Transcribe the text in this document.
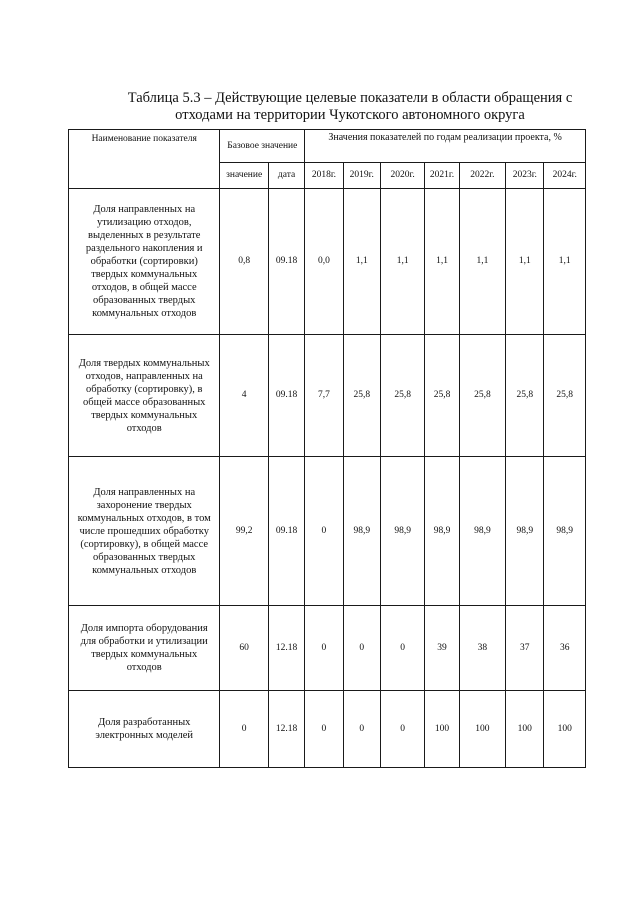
Таблица 5.3 – Действующие целевые показатели в области обращения с
отходами на территории Чукотского автономного округа
Наименование показателя	Базовое значение		Значения показателей по годам реализации проекта, %						
	значение	дата	2018г.	2019г.	2020г.	2021г.	2022г.	2023г.	2024г.
Доля направленных на утилизацию отходов, выделенных в результате раздельного накопления и обработки (сортировки) твердых коммунальных отходов, в общей массе образованных твердых коммунальных отходов	0,8	09.18	0,0	1,1	1,1	1,1	1,1	1,1	1,1
Доля твердых коммунальных отходов, направленных на обработку (сортировку), в общей массе образованных твердых коммунальных отходов	4	09.18	7,7	25,8	25,8	25,8	25,8	25,8	25,8
Доля направленных на захоронение твердых коммунальных отходов, в том числе прошедших обработку (сортировку), в общей массе образованных твердых коммунальных отходов	99,2	09.18	0	98,9	98,9	98,9	98,9	98,9	98,9
Доля импорта оборудования для обработки и утилизации твердых коммунальных отходов	60	12.18	0	0	0	39	38	37	36
Доля разработанных электронных моделей	0	12.18	0	0	0	100	100	100	100
